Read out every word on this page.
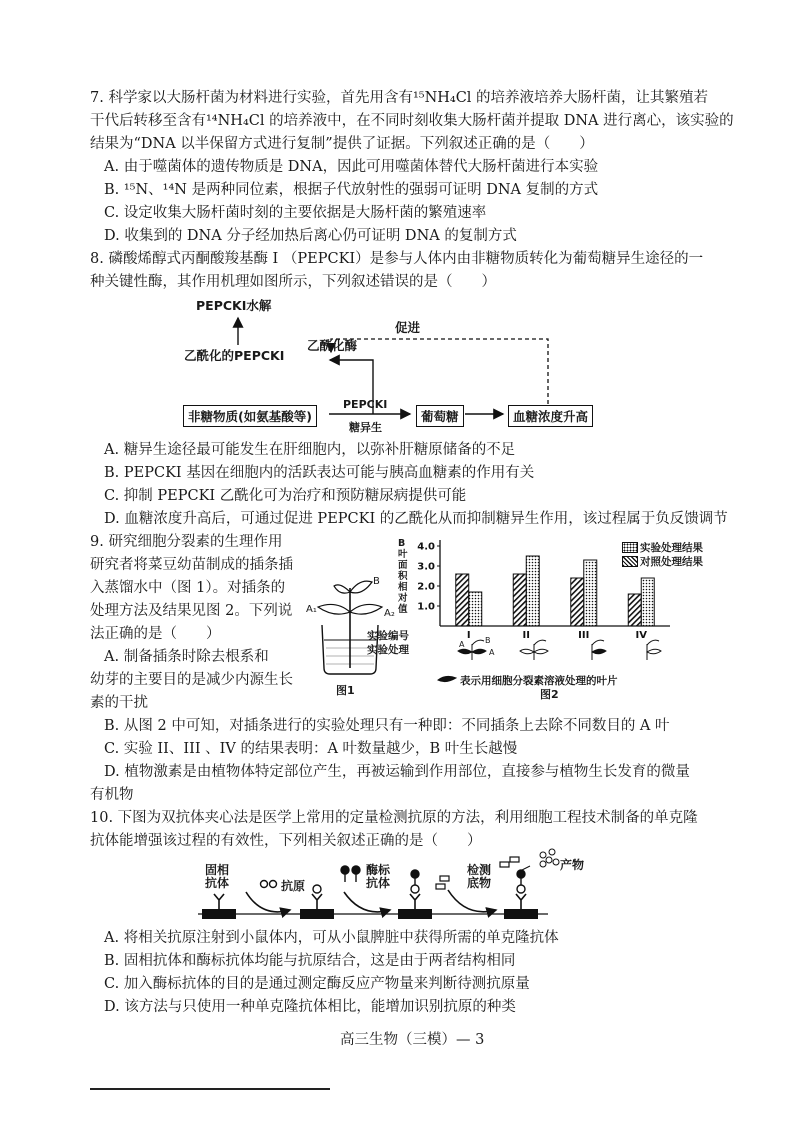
7. 科学家以大肠杆菌为材料进行实验，首先用含有¹⁵NH₄Cl 的培养液培养大肠杆菌，让其繁殖若
干代后转移至含有¹⁴NH₄Cl 的培养液中，在不同时刻收集大肠杆菌并提取 DNA 进行离心，该实验的
结果为“DNA 以半保留方式进行复制”提供了证据。下列叙述正确的是（　　）
A. 由于噬菌体的遗传物质是 DNA，因此可用噬菌体替代大肠杆菌进行本实验
B. ¹⁵N、¹⁴N 是两种同位素，根据子代放射性的强弱可证明 DNA 复制的方式
C. 设定收集大肠杆菌时刻的主要依据是大肠杆菌的繁殖速率
D. 收集到的 DNA 分子经加热后离心仍可证明 DNA 的复制方式
8. 磷酸烯醇式丙酮酸羧基酶 I （PEPCKI）是参与人体内由非糖物质转化为葡萄糖异生途径的一
种关键性酶，其作用机理如图所示，下列叙述错误的是（　　）
PEPCKI水解
乙酰化的PEPCKI
乙酰化酶
促进
非糖物质(如氨基酸等)
PEPCKI
糖异生
葡萄糖	血糖浓度升高
A. 糖异生途径最可能发生在肝细胞内，以弥补肝糖原储备的不足
B. PEPCKI 基因在细胞内的活跃表达可能与胰高血糖素的作用有关
C. 抑制 PEPCKI 乙酰化可为治疗和预防糖尿病提供可能
D. 血糖浓度升高后，可通过促进 PEPCKI 的乙酰化从而抑制糖异生作用，该过程属于负反馈调节
9. 研究细胞分裂素的生理作用
研究者将菜豆幼苗制成的插条插
入蒸馏水中（图 1）。对插条的
处理方法及结果见图 2。下列说
法正确的是（　　）
A. 制备插条时除去根系和
幼芽的主要目的是减少内源生长
素的干扰
A₁	A₂
B
图1
1.0
2.0
3.0
4.0
I	II	III	IV
B叶面积相对值
实验处理结果
对照处理结果
实验编号
实验处理	A	B
A
表示用细胞分裂素溶液处理的叶片
图2
B. 从图 2 中可知，对插条进行的实验处理只有一种即：不同插条上去除不同数目的 A 叶
C. 实验 II、III 、IV 的结果表明：A 叶数量越少，B 叶生长越慢
D. 植物激素是由植物体特定部位产生，再被运输到作用部位，直接参与植物生长发育的微量
有机物
10. 下图为双抗体夹心法是医学上常用的定量检测抗原的方法，利用细胞工程技术制备的单克隆
抗体能增强该过程的有效性，下列相关叙述正确的是（　　）
固相抗体	抗原
酶标抗体
检测底物
产物
A. 将相关抗原注射到小鼠体内，可从小鼠脾脏中获得所需的单克隆抗体
B. 固相抗体和酶标抗体均能与抗原结合，这是由于两者结构相同
C. 加入酶标抗体的目的是通过测定酶反应产物量来判断待测抗原量
D. 该方法与只使用一种单克隆抗体相比，能增加识别抗原的种类
高三生物（三模）— 3
